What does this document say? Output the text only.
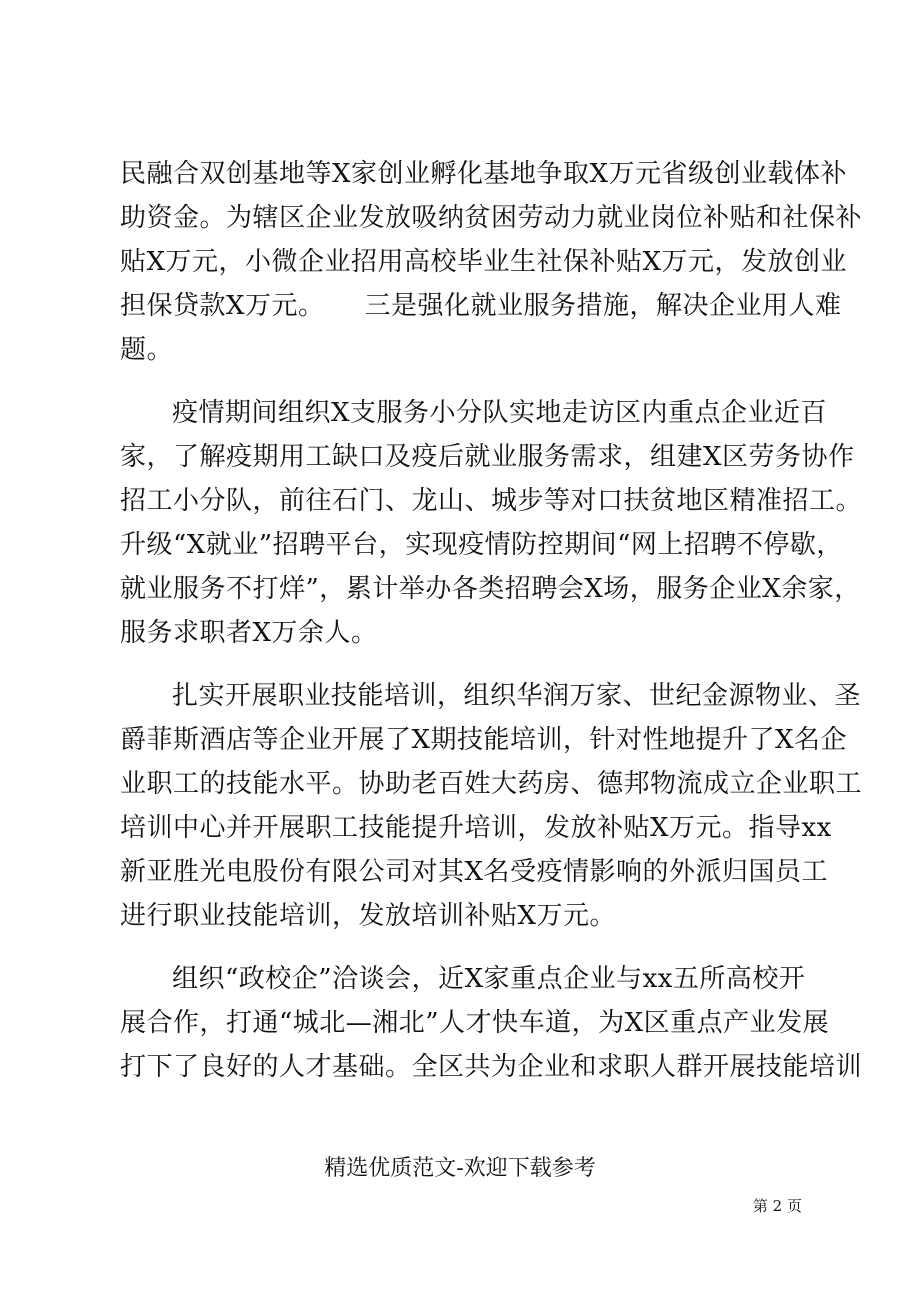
民融合双创基地等X家创业孵化基地争取X万元省级创业载体补
助资金。为辖区企业发放吸纳贫困劳动力就业岗位补贴和社保补
贴X万元，小微企业招用高校毕业生社保补贴X万元，发放创业
担保贷款X万元。　　三是强化就业服务措施，解决企业用人难
题。
疫情期间组织X支服务小分队实地走访区内重点企业近百
家，了解疫期用工缺口及疫后就业服务需求，组建X区劳务协作
招工小分队，前往石门、龙山、城步等对口扶贫地区精准招工。
升级“X就业”招聘平台，实现疫情防控期间“网上招聘不停歇，
就业服务不打烊”，累计举办各类招聘会X场，服务企业X余家，
服务求职者X万余人。
扎实开展职业技能培训，组织华润万家、世纪金源物业、圣
爵菲斯酒店等企业开展了X期技能培训，针对性地提升了X名企
业职工的技能水平。协助老百姓大药房、德邦物流成立企业职工
培训中心并开展职工技能提升培训，发放补贴X万元。指导xx
新亚胜光电股份有限公司对其X名受疫情影响的外派归国员工
进行职业技能培训，发放培训补贴X万元。
组织“政校企”洽谈会，近X家重点企业与xx五所高校开
展合作，打通“城北—湘北”人才快车道，为X区重点产业发展
打下了良好的人才基础。全区共为企业和求职人群开展技能培训
精选优质范文-欢迎下载参考
第 2 页
